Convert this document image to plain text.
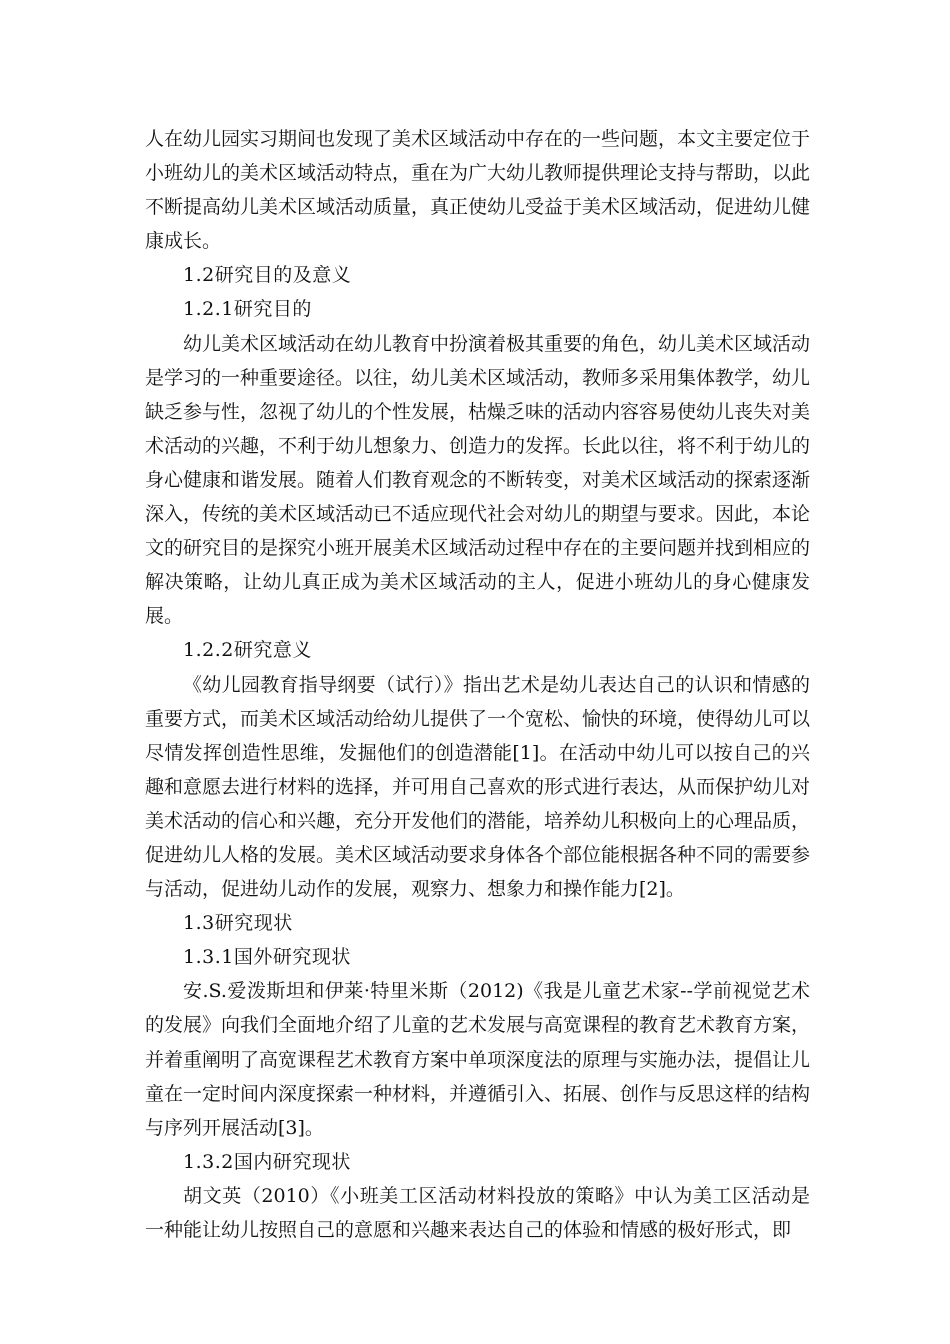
人在幼儿园实习期间也发现了美术区域活动中存在的一些问题，本文主要定位于小班幼儿的美术区域活动特点，重在为广大幼儿教师提供理论支持与帮助，以此不断提高幼儿美术区域活动质量，真正使幼儿受益于美术区域活动，促进幼儿健康成长。

1.2研究目的及意义

1.2.1研究目的

幼儿美术区域活动在幼儿教育中扮演着极其重要的角色，幼儿美术区域活动是学习的一种重要途径。以往，幼儿美术区域活动，教师多采用集体教学，幼儿缺乏参与性，忽视了幼儿的个性发展，枯燥乏味的活动内容容易使幼儿丧失对美术活动的兴趣，不利于幼儿想象力、创造力的发挥。长此以往，将不利于幼儿的身心健康和谐发展。随着人们教育观念的不断转变，对美术区域活动的探索逐渐深入，传统的美术区域活动已不适应现代社会对幼儿的期望与要求。因此，本论文的研究目的是探究小班开展美术区域活动过程中存在的主要问题并找到相应的解决策略，让幼儿真正成为美术区域活动的主人，促进小班幼儿的身心健康发展。

1.2.2研究意义

《幼儿园教育指导纲要（试行）》指出艺术是幼儿表达自己的认识和情感的重要方式，而美术区域活动给幼儿提供了一个宽松、愉快的环境，使得幼儿可以尽情发挥创造性思维，发掘他们的创造潜能[1]。在活动中幼儿可以按自己的兴趣和意愿去进行材料的选择，并可用自己喜欢的形式进行表达，从而保护幼儿对美术活动的信心和兴趣，充分开发他们的潜能，培养幼儿积极向上的心理品质，促进幼儿人格的发展。美术区域活动要求身体各个部位能根据各种不同的需要参与活动，促进幼儿动作的发展，观察力、想象力和操作能力[2]。

1.3研究现状

1.3.1国外研究现状

安.S.爱泼斯坦和伊莱·特里米斯（2012)《我是儿童艺术家--学前视觉艺术的发展》向我们全面地介绍了儿童的艺术发展与高宽课程的教育艺术教育方案，并着重阐明了高宽课程艺术教育方案中单项深度法的原理与实施办法，提倡让儿童在一定时间内深度探索一种材料，并遵循引入、拓展、创作与反思这样的结构与序列开展活动[3]。

1.3.2国内研究现状

胡文英（2010）《小班美工区活动材料投放的策略》中认为美工区活动是一种能让幼儿按照自己的意愿和兴趣来表达自己的体验和情感的极好形式，即
